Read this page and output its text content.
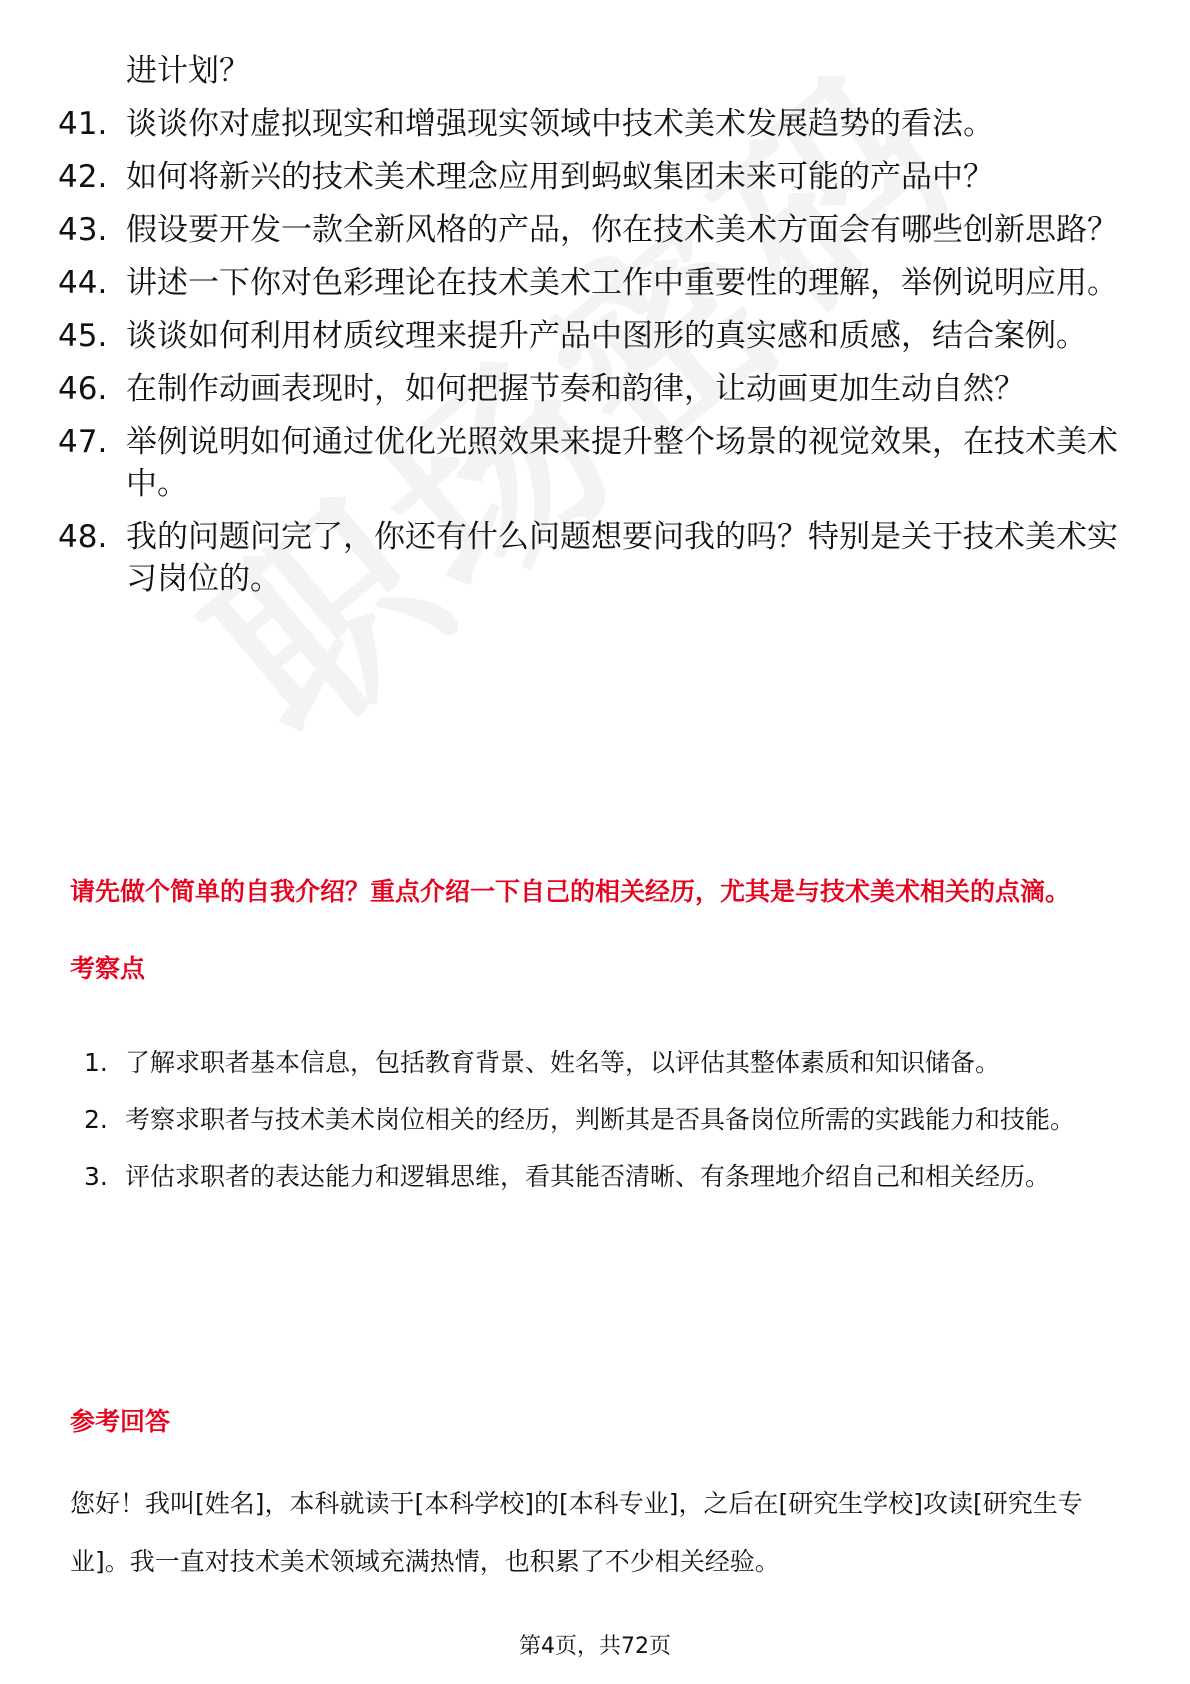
进计划？
41. 谈谈你对虚拟现实和增强现实领域中技术美术发展趋势的看法。
42. 如何将新兴的技术美术理念应用到蚂蚁集团未来可能的产品中？
43. 假设要开发一款全新风格的产品，你在技术美术方面会有哪些创新思路？
44. 讲述一下你对色彩理论在技术美术工作中重要性的理解，举例说明应用。
45. 谈谈如何利用材质纹理来提升产品中图形的真实感和质感，结合案例。
46. 在制作动画表现时，如何把握节奏和韵律，让动画更加生动自然？
47. 举例说明如何通过优化光照效果来提升整个场景的视觉效果，在技术美术中。
48. 我的问题问完了，你还有什么问题想要问我的吗？特别是关于技术美术实习岗位的。
请先做个简单的自我介绍？重点介绍一下自己的相关经历，尤其是与技术美术相关的点滴。
考察点
1. 了解求职者基本信息，包括教育背景、姓名等，以评估其整体素质和知识储备。
2. 考察求职者与技术美术岗位相关的经历，判断其是否具备岗位所需的实践能力和技能。
3. 评估求职者的表达能力和逻辑思维，看其能否清晰、有条理地介绍自己和相关经历。
参考回答
您好！我叫[姓名]，本科就读于[本科学校]的[本科专业]，之后在[研究生学校]攻读[研究生专业]。我一直对技术美术领域充满热情，也积累了不少相关经验。
第4页，共72页
